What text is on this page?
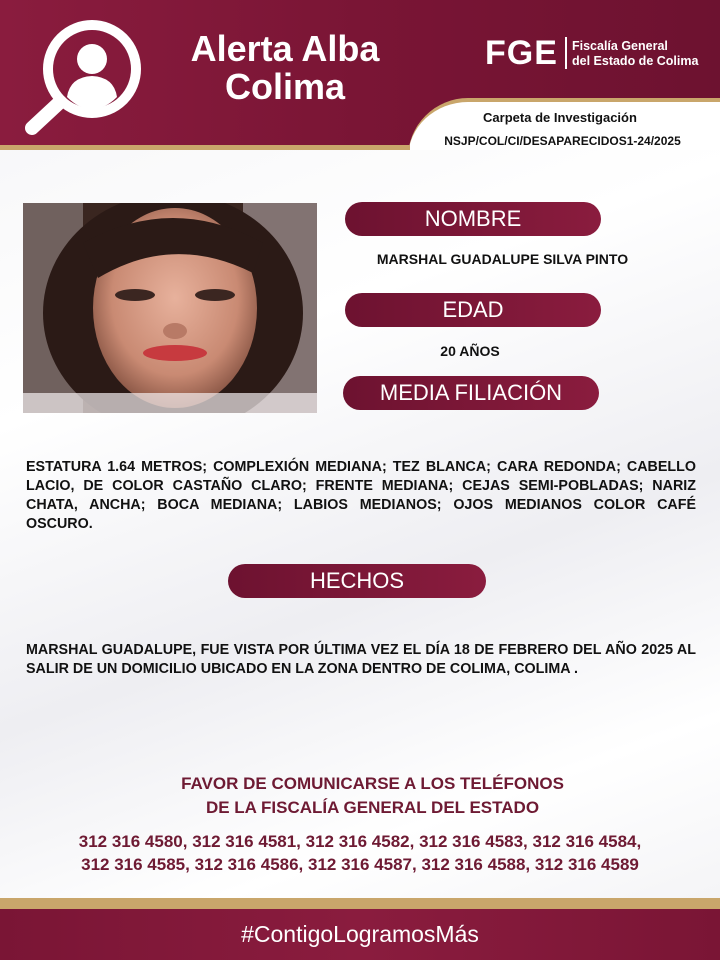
Alerta Alba
Colima
FGE Fiscalía General
del Estado de Colima
Carpeta de Investigación
NSJP/COL/CI/DESAPARECIDOS1-24/2025
NOMBRE
MARSHAL GUADALUPE SILVA PINTO
EDAD
20 AÑOS
MEDIA FILIACIÓN
ESTATURA 1.64 METROS; COMPLEXIÓN MEDIANA; TEZ BLANCA; CARA REDONDA; CABELLO LACIO, DE COLOR CASTAÑO CLARO; FRENTE MEDIANA; CEJAS SEMI-POBLADAS; NARIZ CHATA, ANCHA; BOCA MEDIANA; LABIOS MEDIANOS; OJOS MEDIANOS COLOR CAFÉ OSCURO.
HECHOS
MARSHAL GUADALUPE, FUE VISTA POR ÚLTIMA VEZ EL DÍA 18 DE FEBRERO DEL AÑO 2025 AL SALIR DE UN DOMICILIO UBICADO EN LA ZONA DENTRO DE COLIMA, COLIMA .
FAVOR DE COMUNICARSE A LOS TELÉFONOS
DE LA FISCALÍA GENERAL DEL ESTADO
312 316 4580, 312 316 4581, 312 316 4582, 312 316 4583, 312 316 4584, 312 316 4585, 312 316 4586, 312 316 4587, 312 316 4588, 312 316 4589
#ContigoLogramosMás
